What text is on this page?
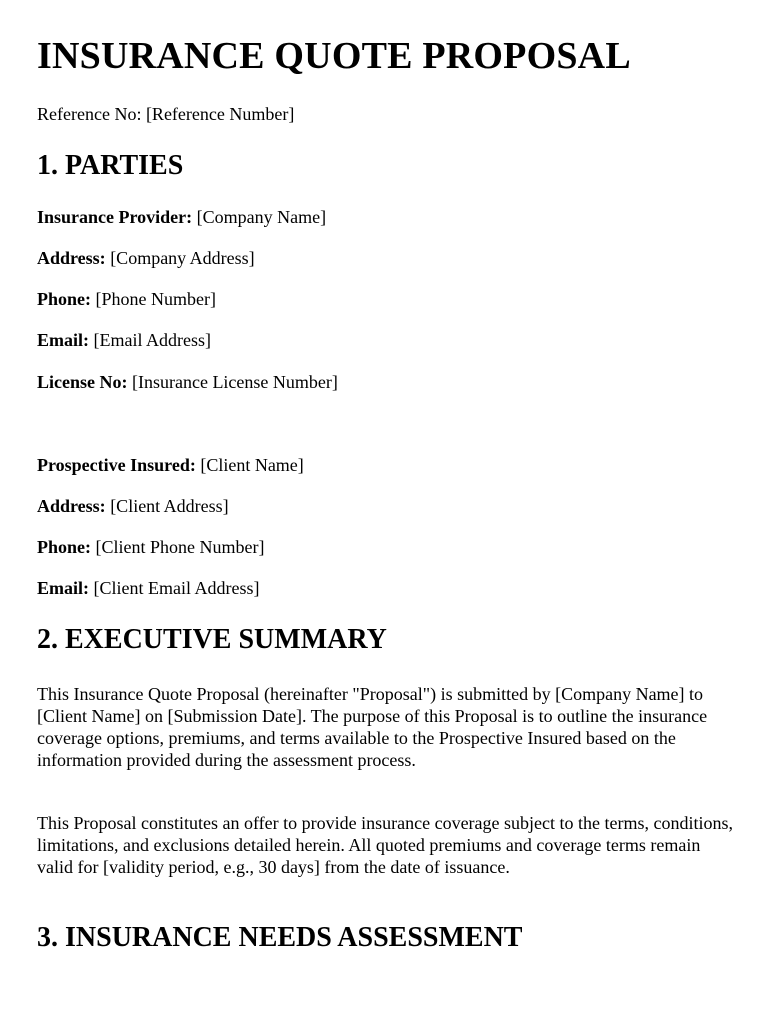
INSURANCE QUOTE PROPOSAL

Reference No: [Reference Number]

1. PARTIES

Insurance Provider: [Company Name]

Address: [Company Address]

Phone: [Phone Number]

Email: [Email Address]

License No: [Insurance License Number]

Prospective Insured: [Client Name]

Address: [Client Address]

Phone: [Client Phone Number]

Email: [Client Email Address]

2. EXECUTIVE SUMMARY

This Insurance Quote Proposal (hereinafter "Proposal") is submitted by [Company Name] to [Client Name] on [Submission Date]. The purpose of this Proposal is to outline the insurance coverage options, premiums, and terms available to the Prospective Insured based on the information provided during the assessment process.

This Proposal constitutes an offer to provide insurance coverage subject to the terms, conditions, limitations, and exclusions detailed herein. All quoted premiums and coverage terms remain valid for [validity period, e.g., 30 days] from the date of issuance.

3. INSURANCE NEEDS ASSESSMENT
